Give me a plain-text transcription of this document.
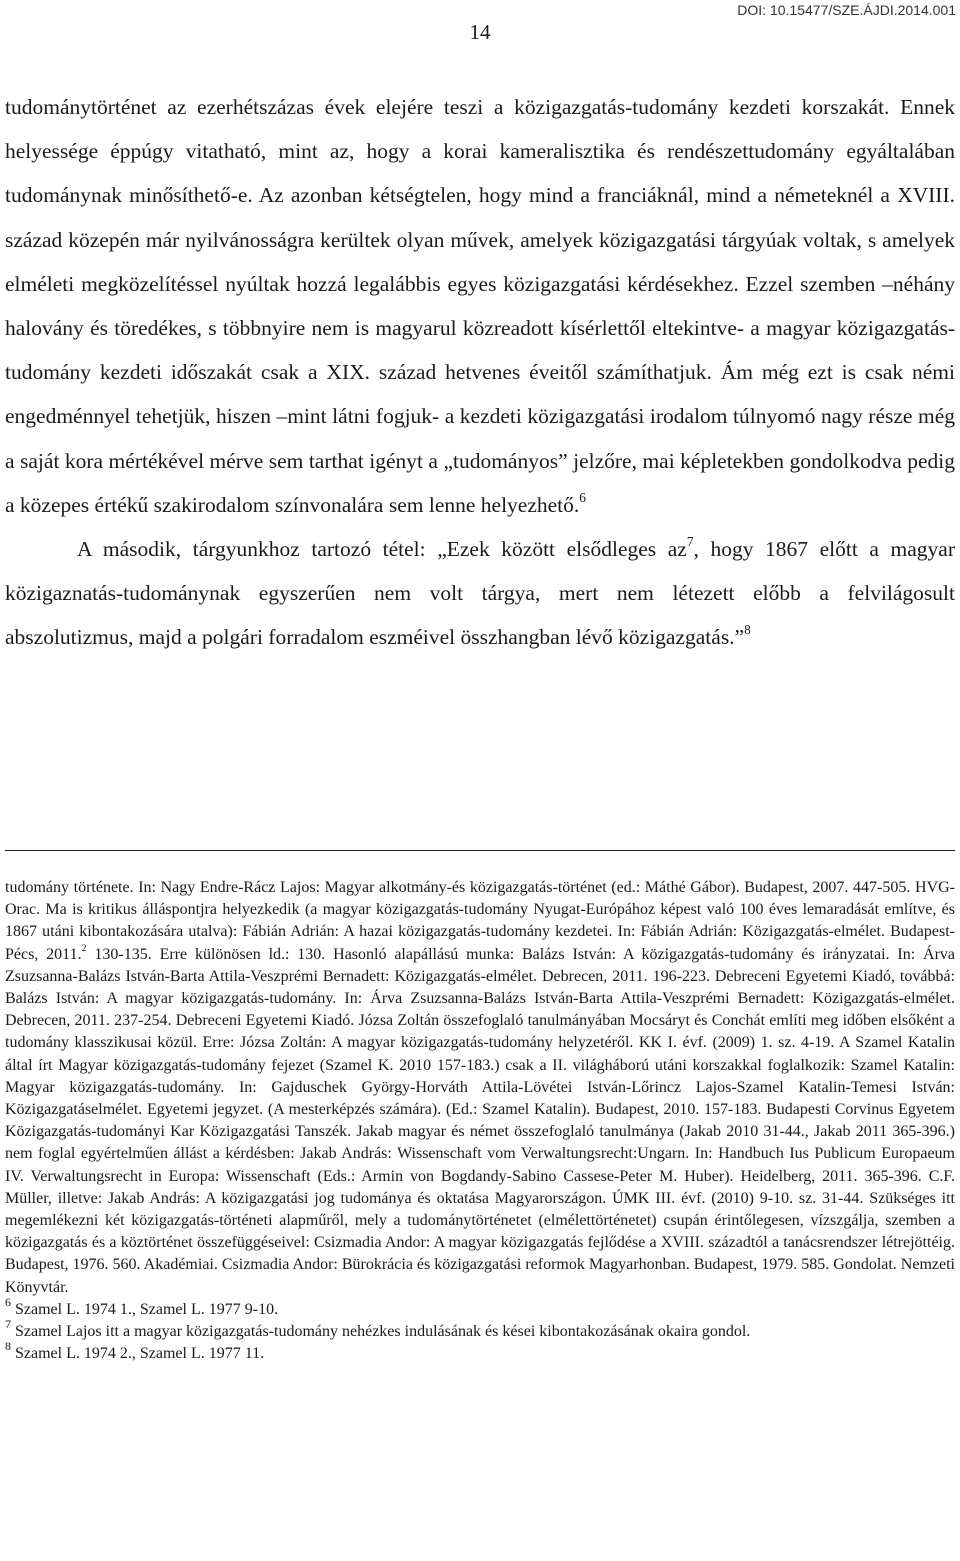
DOI: 10.15477/SZE.ÁJDI.2014.001
14

tudománytörténet az ezerhétszázas évek elejére teszi a közigazgatás-tudomány kezdeti korszakát. Ennek helyessége éppúgy vitatható, mint az, hogy a korai kameralisztika és rendészettudomány egyáltalában tudománynak minősíthető-e. Az azonban kétségtelen, hogy mind a franciáknál, mind a németeknél a XVIII. század közepén már nyilvánosságra kerültek olyan művek, amelyek közigazgatási tárgyúak voltak, s amelyek elméleti megközelítéssel nyúltak hozzá legalábbis egyes közigazgatási kérdésekhez. Ezzel szemben –néhány halovány és töredékes, s többnyire nem is magyarul közreadott kísérlettől eltekintve- a magyar közigazgatás-tudomány kezdeti időszakát csak a XIX. század hetvenes éveitől számíthatjuk. Ám még ezt is csak némi engedménnyel tehetjük, hiszen –mint látni fogjuk- a kezdeti közigazgatási irodalom túlnyomó nagy része még a saját kora mértékével mérve sem tarthat igényt a „tudományos” jelzőre, mai képletekben gondolkodva pedig a közepes értékű szakirodalom színvonalára sem lenne helyezhető.$^6$

A második, tárgyunkhoz tartozó tétel: „Ezek között elsődleges $az^7$, hogy 1867 előtt a magyar közigaznatás-tudománynak egyszerűen nem volt tárgya, mert nem létezett előbb a felvilágosult abszolutizmus, majd a polgári forradalom eszméivel összhangban lévő közigazgatás.”$^8$

tudomány története. In: Nagy Endre-Rácz Lajos: Magyar alkotmány-és közigazgatás-történet (ed.: Máthé Gábor). Budapest, 2007. 447-505. HVG-Orac. Ma is kritikus álláspontjra helyezkedik (a magyar közigazgatás-tudomány Nyugat-Európához képest való 100 éves lemaradását említve, és 1867 utáni kibontakozására utalva): Fábián Adrián: A hazai közigazgatás-tudomány kezdetei. In: Fábián Adrián: Közigazgatás-elmélet. Budapest-Pécs, 2011.$^2$ 130-135. Erre különösen ld.: 130. Hasonló alapállású munka: Balázs István: A közigazgatás-tudomány és irányzatai. In: Árva Zsuzsanna-Balázs István-Barta Attila-Veszprémi Bernadett: Közigazgatás-elmélet. Debrecen, 2011. 196-223. Debreceni Egyetemi Kiadó, továbbá: Balázs István: A magyar közigazgatás-tudomány. In: Árva Zsuzsanna-Balázs István-Barta Attila-Veszprémi Bernadett: Közigazgatás-elmélet. Debrecen, 2011. 237-254. Debreceni Egyetemi Kiadó. Józsa Zoltán összefoglaló tanulmányában Mocsáryt és Conchát említi meg időben elsőként a tudomány klasszikusai közül. Erre: Józsa Zoltán: A magyar közigazgatás-tudomány helyzetéről. KK I. évf. (2009) 1. sz. 4-19. A Szamel Katalin által írt Magyar közigazgatás-tudomány fejezet (Szamel K. 2010 157-183.) csak a II. világháború utáni korszakkal foglalkozik: Szamel Katalin: Magyar közigazgatás-tudomány. In: Gajduschek György-Horváth Attila-Lövétei István-Lőrincz Lajos-Szamel Katalin-Temesi István: Közigazgatáselmélet. Egyetemi jegyzet. (A mesterképzés számára). (Ed.: Szamel Katalin). Budapest, 2010. 157-183. Budapesti Corvinus Egyetem Közigazgatás-tudományi Kar Közigazgatási Tanszék. Jakab magyar és német összefoglaló tanulmánya (Jakab 2010 31-44., Jakab 2011 365-396.) nem foglal egyértelműen állást a kérdésben: Jakab András: Wissenschaft vom Verwaltungsrecht:Ungarn. In: Handbuch Ius Publicum Europaeum IV. Verwaltungsrecht in Europa: Wissenschaft (Eds.: Armin von Bogdandy-Sabino Cassese-Peter M. Huber). Heidelberg, 2011. 365-396. C.F. Müller, illetve: Jakab András: A közigazgatási jog tudománya és oktatása Magyarországon. ÚMK III. évf. (2010) 9-10. sz. 31-44. Szükséges itt megemlékezni két közigazgatás-történeti alapműről, mely a tudománytörténetet (elmélettörténetet) csupán érintőlegesen, vízszgálja, szemben a közigazgatás és a köztörténet összefüggéseivel: Csizmadia Andor: A magyar közigazgatás fejlődése a XVIII. századtól a tanácsrendszer létrejöttéig. Budapest, 1976. 560. Akadémiai. Csizmadia Andor: Bürokrácia és közigazgatási reformok Magyarhonban. Budapest, 1979. 585. Gondolat. Nemzeti Könyvtár.

$^6$ Szamel L. 1974 1., Szamel L. 1977 9-10.

$^7$ Szamel Lajos itt a magyar közigazgatás-tudomány nehézkes indulásának és kései kibontakozásának okaira gondol.

$^8$ Szamel L. 1974 2., Szamel L. 1977 11.
